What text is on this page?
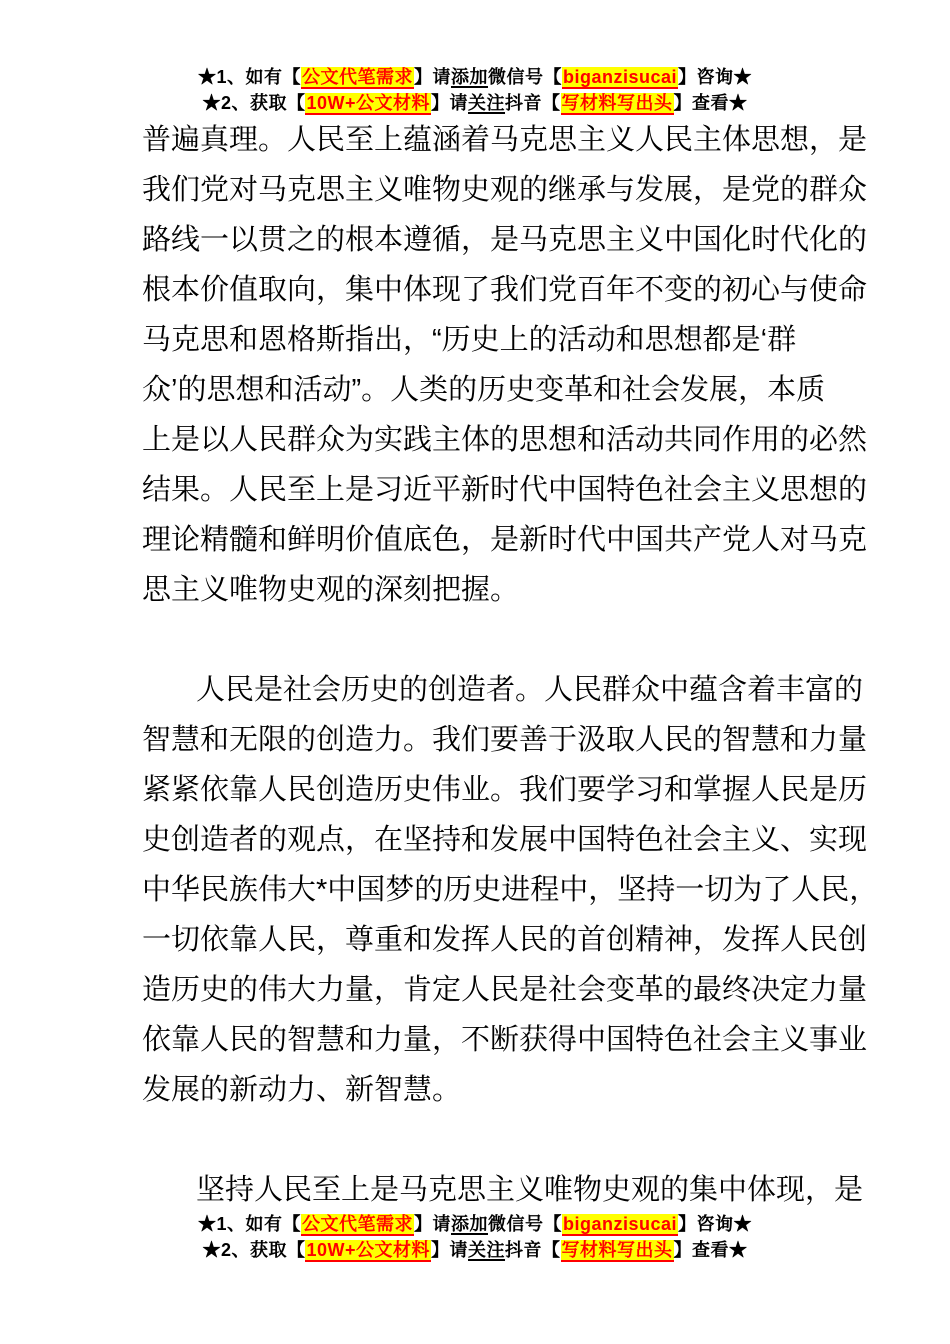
★1、如有【公文代笔需求】请添加微信号【biganzisucai】咨询★
★2、获取【10W+公文材料】请关注抖音【写材料写出头】查看★
普遍真理。人民至上蕴涵着马克思主义人民主体思想，是
我们党对马克思主义唯物史观的继承与发展，是党的群众
路线一以贯之的根本遵循，是马克思主义中国化时代化的
根本价值取向，集中体现了我们党百年不变的初心与使命
马克思和恩格斯指出，“历史上的活动和思想都是‘群
众’的思想和活动”。人类的历史变革和社会发展，本质
上是以人民群众为实践主体的思想和活动共同作用的必然
结果。人民至上是习近平新时代中国特色社会主义思想的
理论精髓和鲜明价值底色，是新时代中国共产党人对马克
思主义唯物史观的深刻把握。
人民是社会历史的创造者。人民群众中蕴含着丰富的
智慧和无限的创造力。我们要善于汲取人民的智慧和力量
紧紧依靠人民创造历史伟业。我们要学习和掌握人民是历
史创造者的观点，在坚持和发展中国特色社会主义、实现
中华民族伟大*中国梦的历史进程中，坚持一切为了人民，
一切依靠人民，尊重和发挥人民的首创精神，发挥人民创
造历史的伟大力量，肯定人民是社会变革的最终决定力量
依靠人民的智慧和力量，不断获得中国特色社会主义事业
发展的新动力、新智慧。
坚持人民至上是马克思主义唯物史观的集中体现，是
★1、如有【公文代笔需求】请添加微信号【biganzisucai】咨询★
★2、获取【10W+公文材料】请关注抖音【写材料写出头】查看★
